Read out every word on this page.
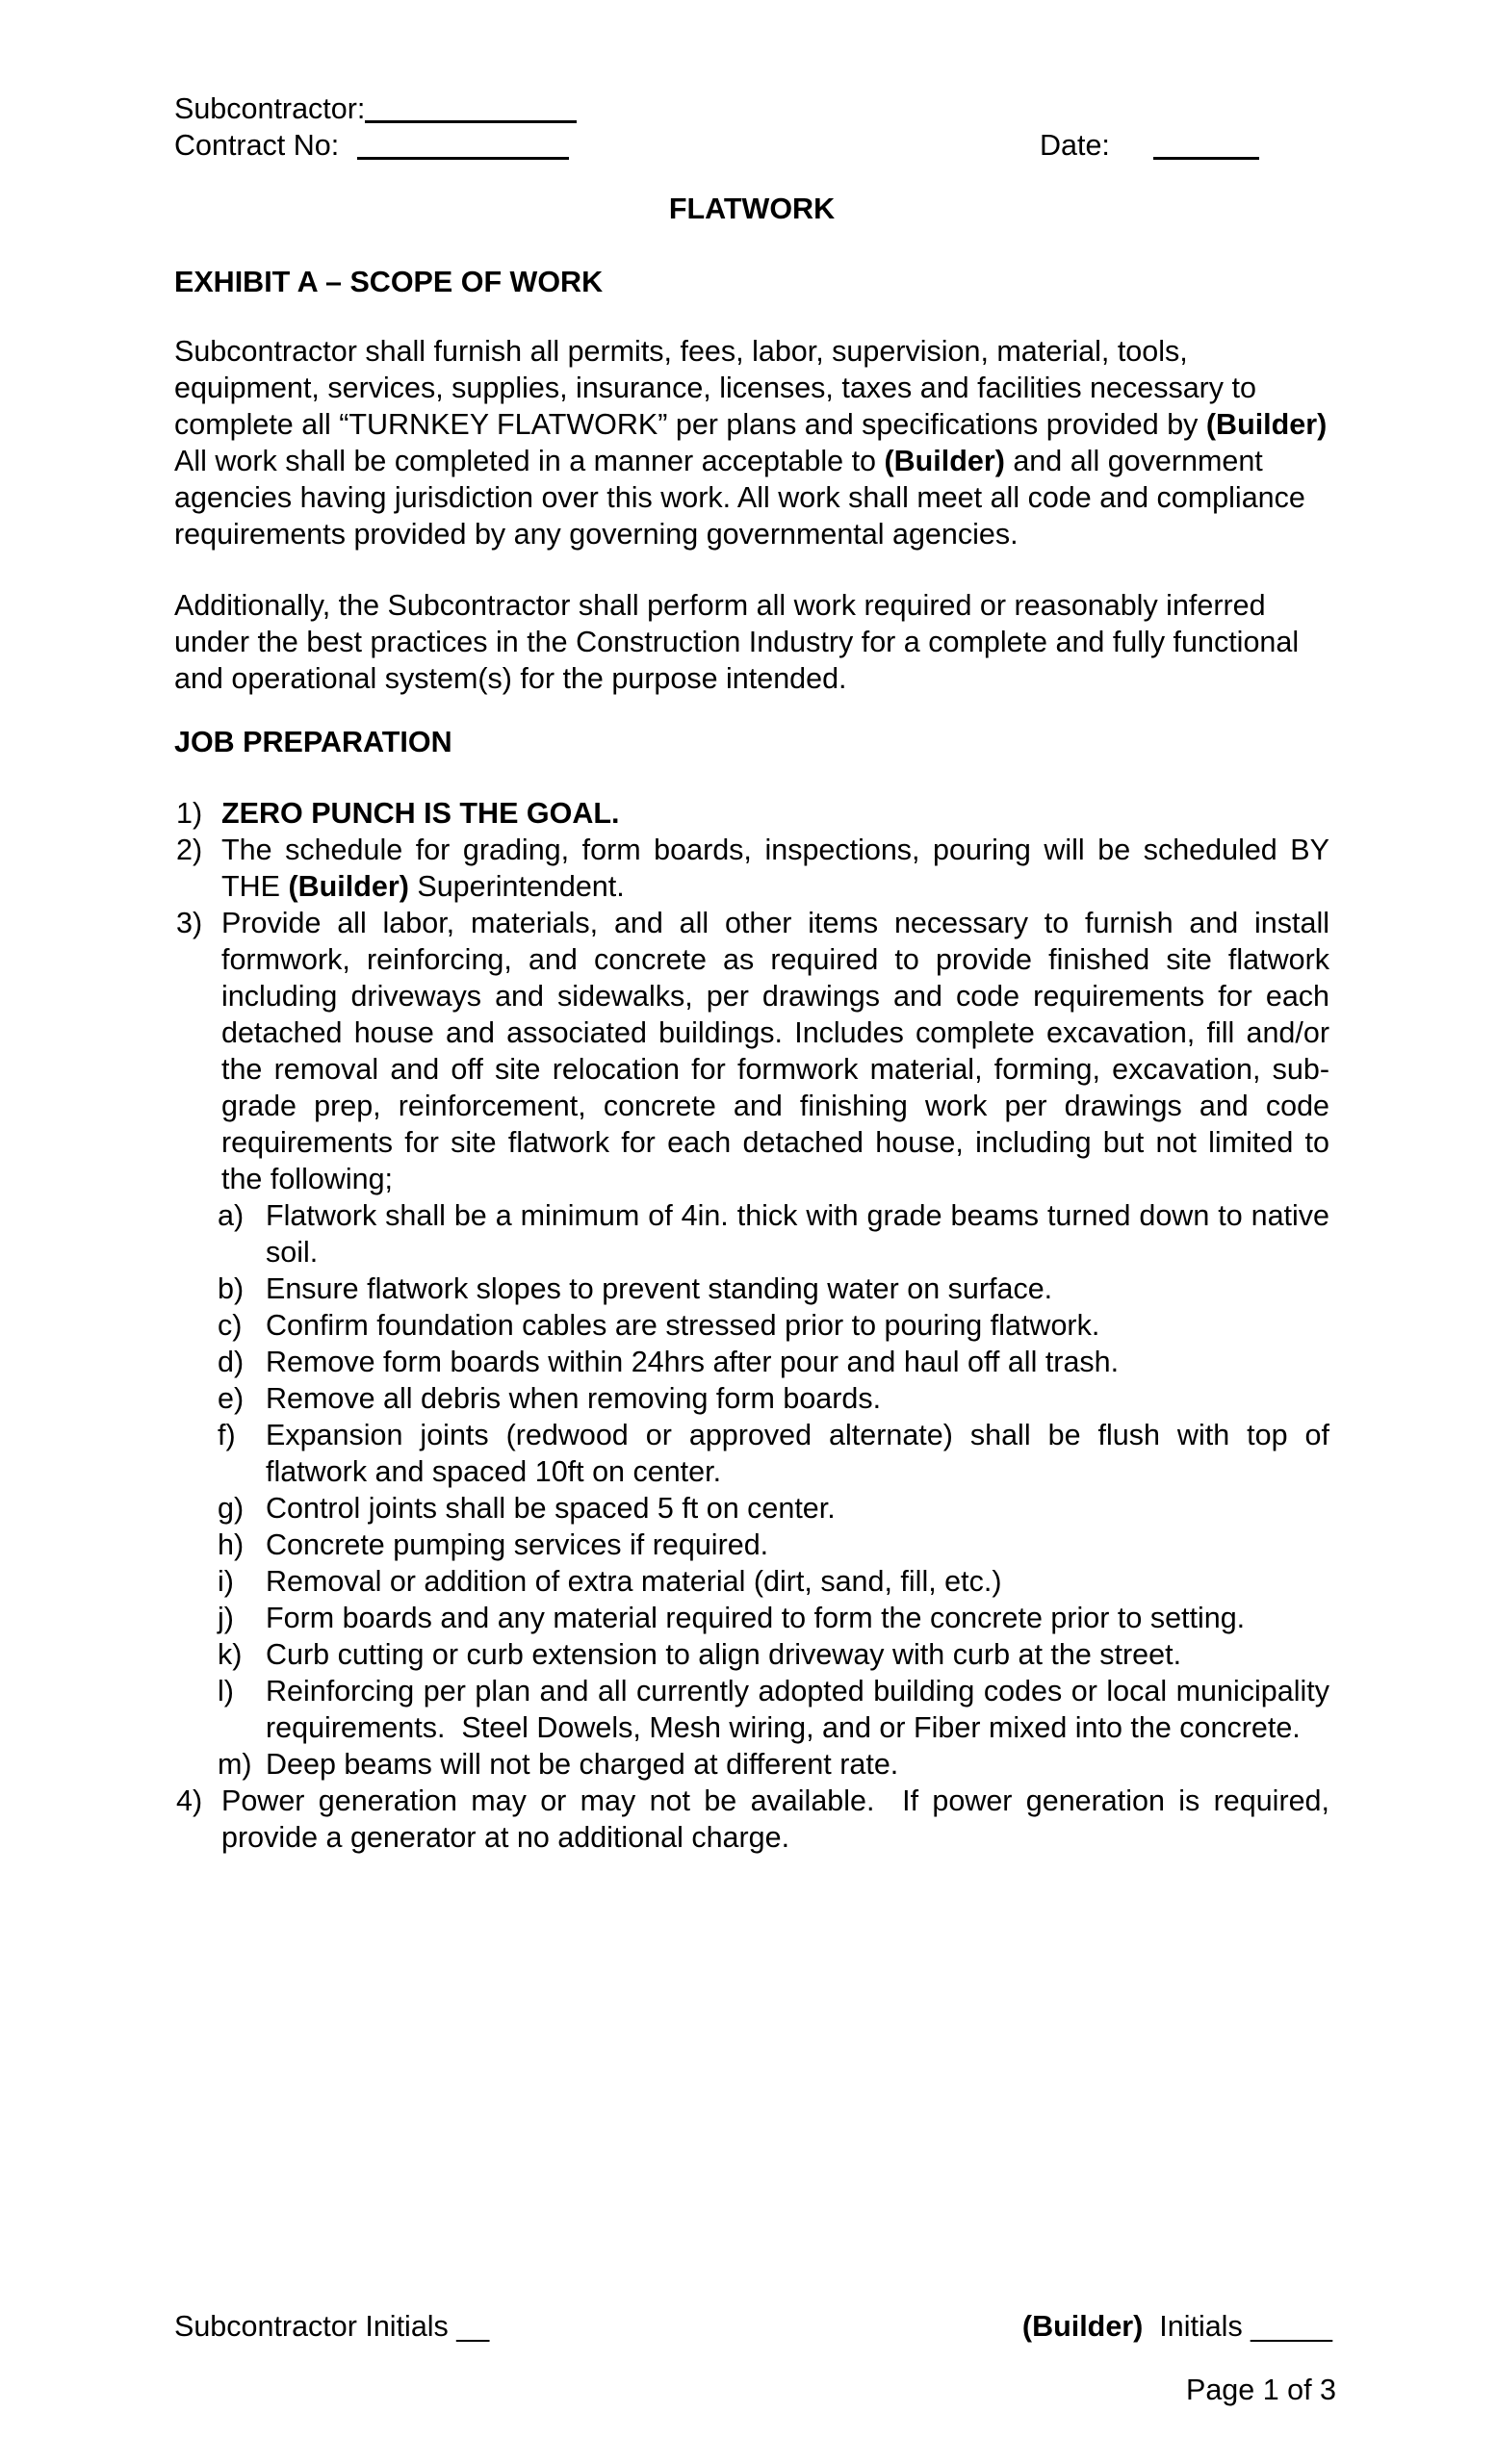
Subcontractor:
Contract No:	Date:
FLATWORK
EXHIBIT A – SCOPE OF WORK
Subcontractor shall furnish all permits, fees, labor, supervision, material, tools, equipment, services, supplies, insurance, licenses, taxes and facilities necessary to complete all “TURNKEY FLATWORK” per plans and specifications provided by (Builder)  All work shall be completed in a manner acceptable to (Builder) and all government agencies having jurisdiction over this work. All work shall meet all code and compliance requirements provided by any governing governmental agencies.
Additionally, the Subcontractor shall perform all work required or reasonably inferred under the best practices in the Construction Industry for a complete and fully functional and operational system(s) for the purpose intended.
JOB PREPARATION
1) ZERO PUNCH IS THE GOAL.
2) The schedule for grading, form boards, inspections, pouring will be scheduled BY THE (Builder) Superintendent.
3) Provide all labor, materials, and all other items necessary to furnish and install formwork, reinforcing, and concrete as required to provide finished site flatwork including driveways and sidewalks, per drawings and code requirements for each detached house and associated buildings. Includes complete excavation, fill and/or the removal and off site relocation for formwork material, forming, excavation, sub-grade prep, reinforcement, concrete and finishing work per drawings and code requirements for site flatwork for each detached house, including but not limited to the following;
a) Flatwork shall be a minimum of 4in. thick with grade beams turned down to native soil.
b) Ensure flatwork slopes to prevent standing water on surface.
c) Confirm foundation cables are stressed prior to pouring flatwork.
d) Remove form boards within 24hrs after pour and haul off all trash.
e) Remove all debris when removing form boards.
f) Expansion joints (redwood or approved alternate) shall be flush with top of flatwork and spaced 10ft on center.
g) Control joints shall be spaced 5 ft on center.
h) Concrete pumping services if required.
i) Removal or addition of extra material (dirt, sand, fill, etc.)
j) Form boards and any material required to form the concrete prior to setting.
k) Curb cutting or curb extension to align driveway with curb at the street.
l) Reinforcing per plan and all currently adopted building codes or local municipality requirements.  Steel Dowels, Mesh wiring, and or Fiber mixed into the concrete.
m) Deep beams will not be charged at different rate.
4) Power generation may or may not be available.  If power generation is required, provide a generator at no additional charge.
Subcontractor Initials __	(Builder)  Initials _____
Page 1 of 3
